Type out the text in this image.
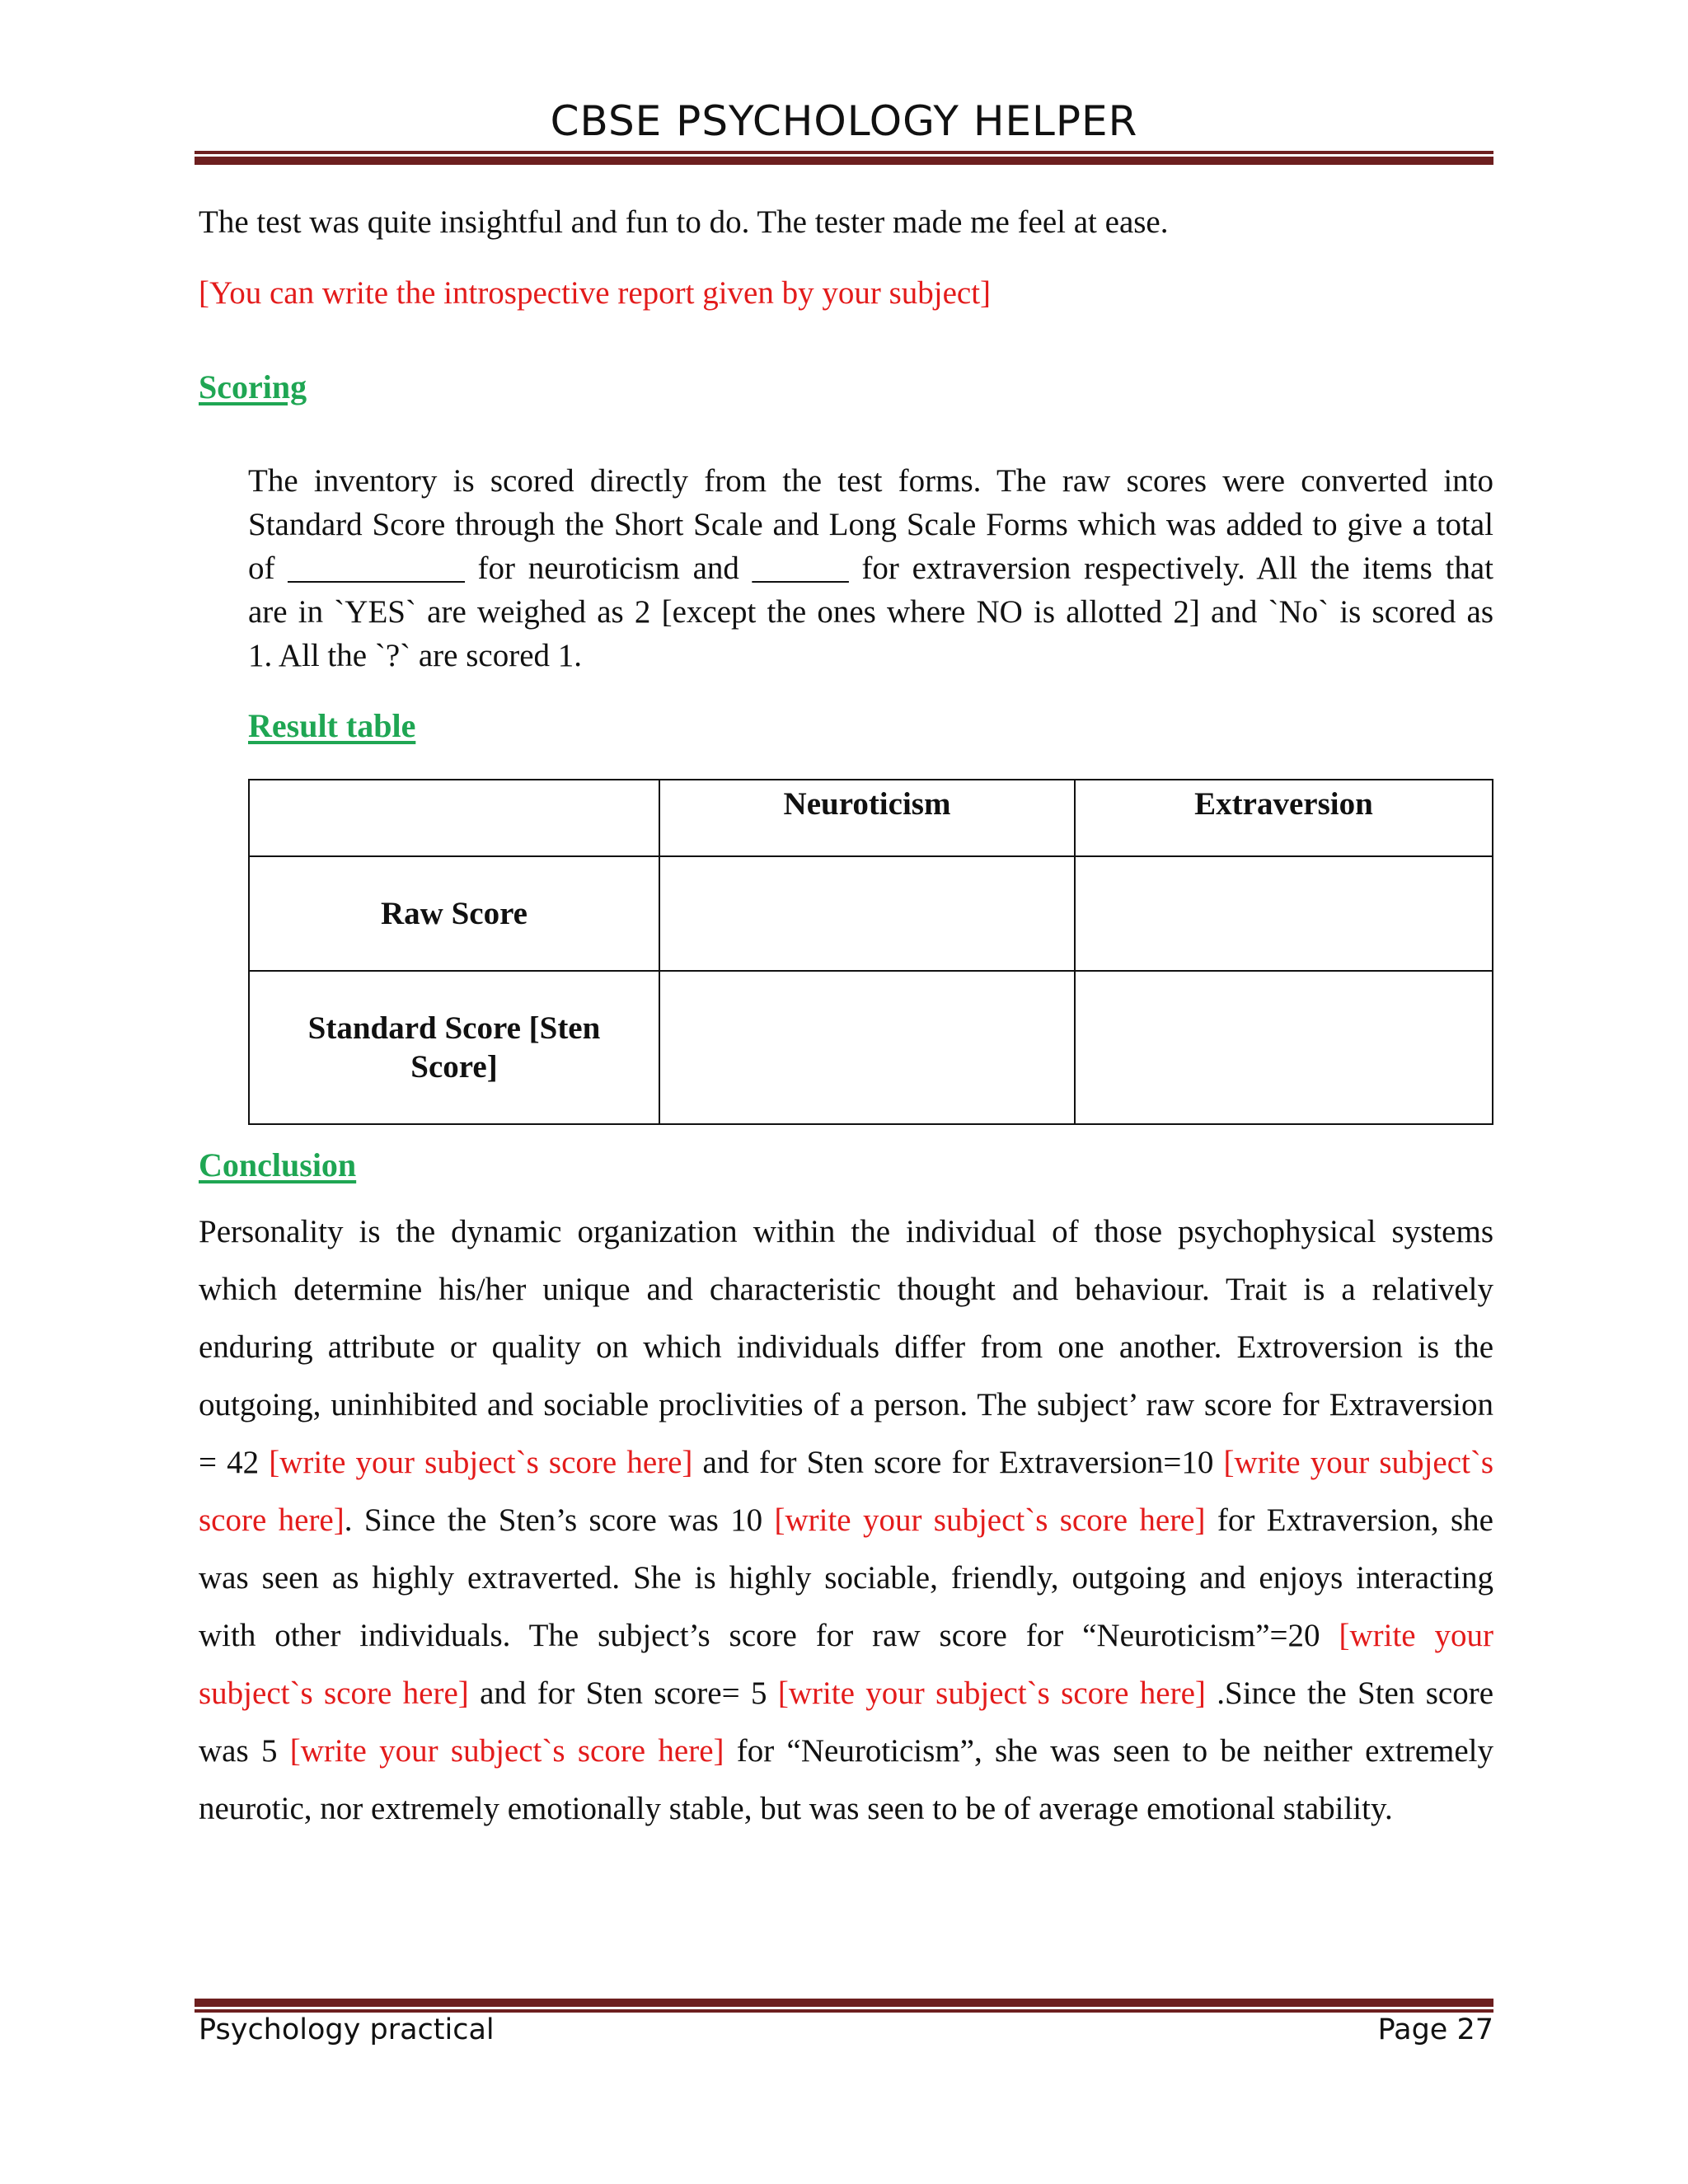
CBSE PSYCHOLOGY HELPER

The test was quite insightful and fun to do. The tester made me feel at ease.

[You can write the introspective report given by your subject]

Scoring

The inventory is scored directly from the test forms. The raw scores were converted into
Standard Score through the Short Scale and Long Scale Forms which was added to give a total
of ___________ for neuroticism and ______ for extraversion respectively. All the items that
are in `YES` are weighed as 2 [except the ones where NO is allotted 2] and `No` is scored as
1. All the `?` are scored 1.

Result table

	Neuroticism	Extraversion
Raw Score		

Standard Score [Sten
Score]		

Conclusion

Personality is the dynamic organization within the individual of those psychophysical systems
which determine his/her unique and characteristic thought and behaviour. Trait is a relatively
enduring attribute or quality on which individuals differ from one another. Extroversion is the
outgoing, uninhibited and sociable proclivities of a person. The subject’ raw score for Extraversion
= 42 [write your subject`s score here] and for Sten score for Extraversion=10 [write your subject`s
score here]. Since the Sten’s score was 10 [write your subject`s score here] for Extraversion, she
was seen as highly extraverted. She is highly sociable, friendly, outgoing and enjoys interacting
with other individuals. The subject’s score for raw score for “Neuroticism”=20 [write your
subject`s score here] and for Sten score= 5 [write your subject`s score here] .Since the Sten score
was 5 [write your subject`s score here] for “Neuroticism”, she was seen to be neither extremely
neurotic, nor extremely emotionally stable, but was seen to be of average emotional stability.
Psychology practical	Page 27
